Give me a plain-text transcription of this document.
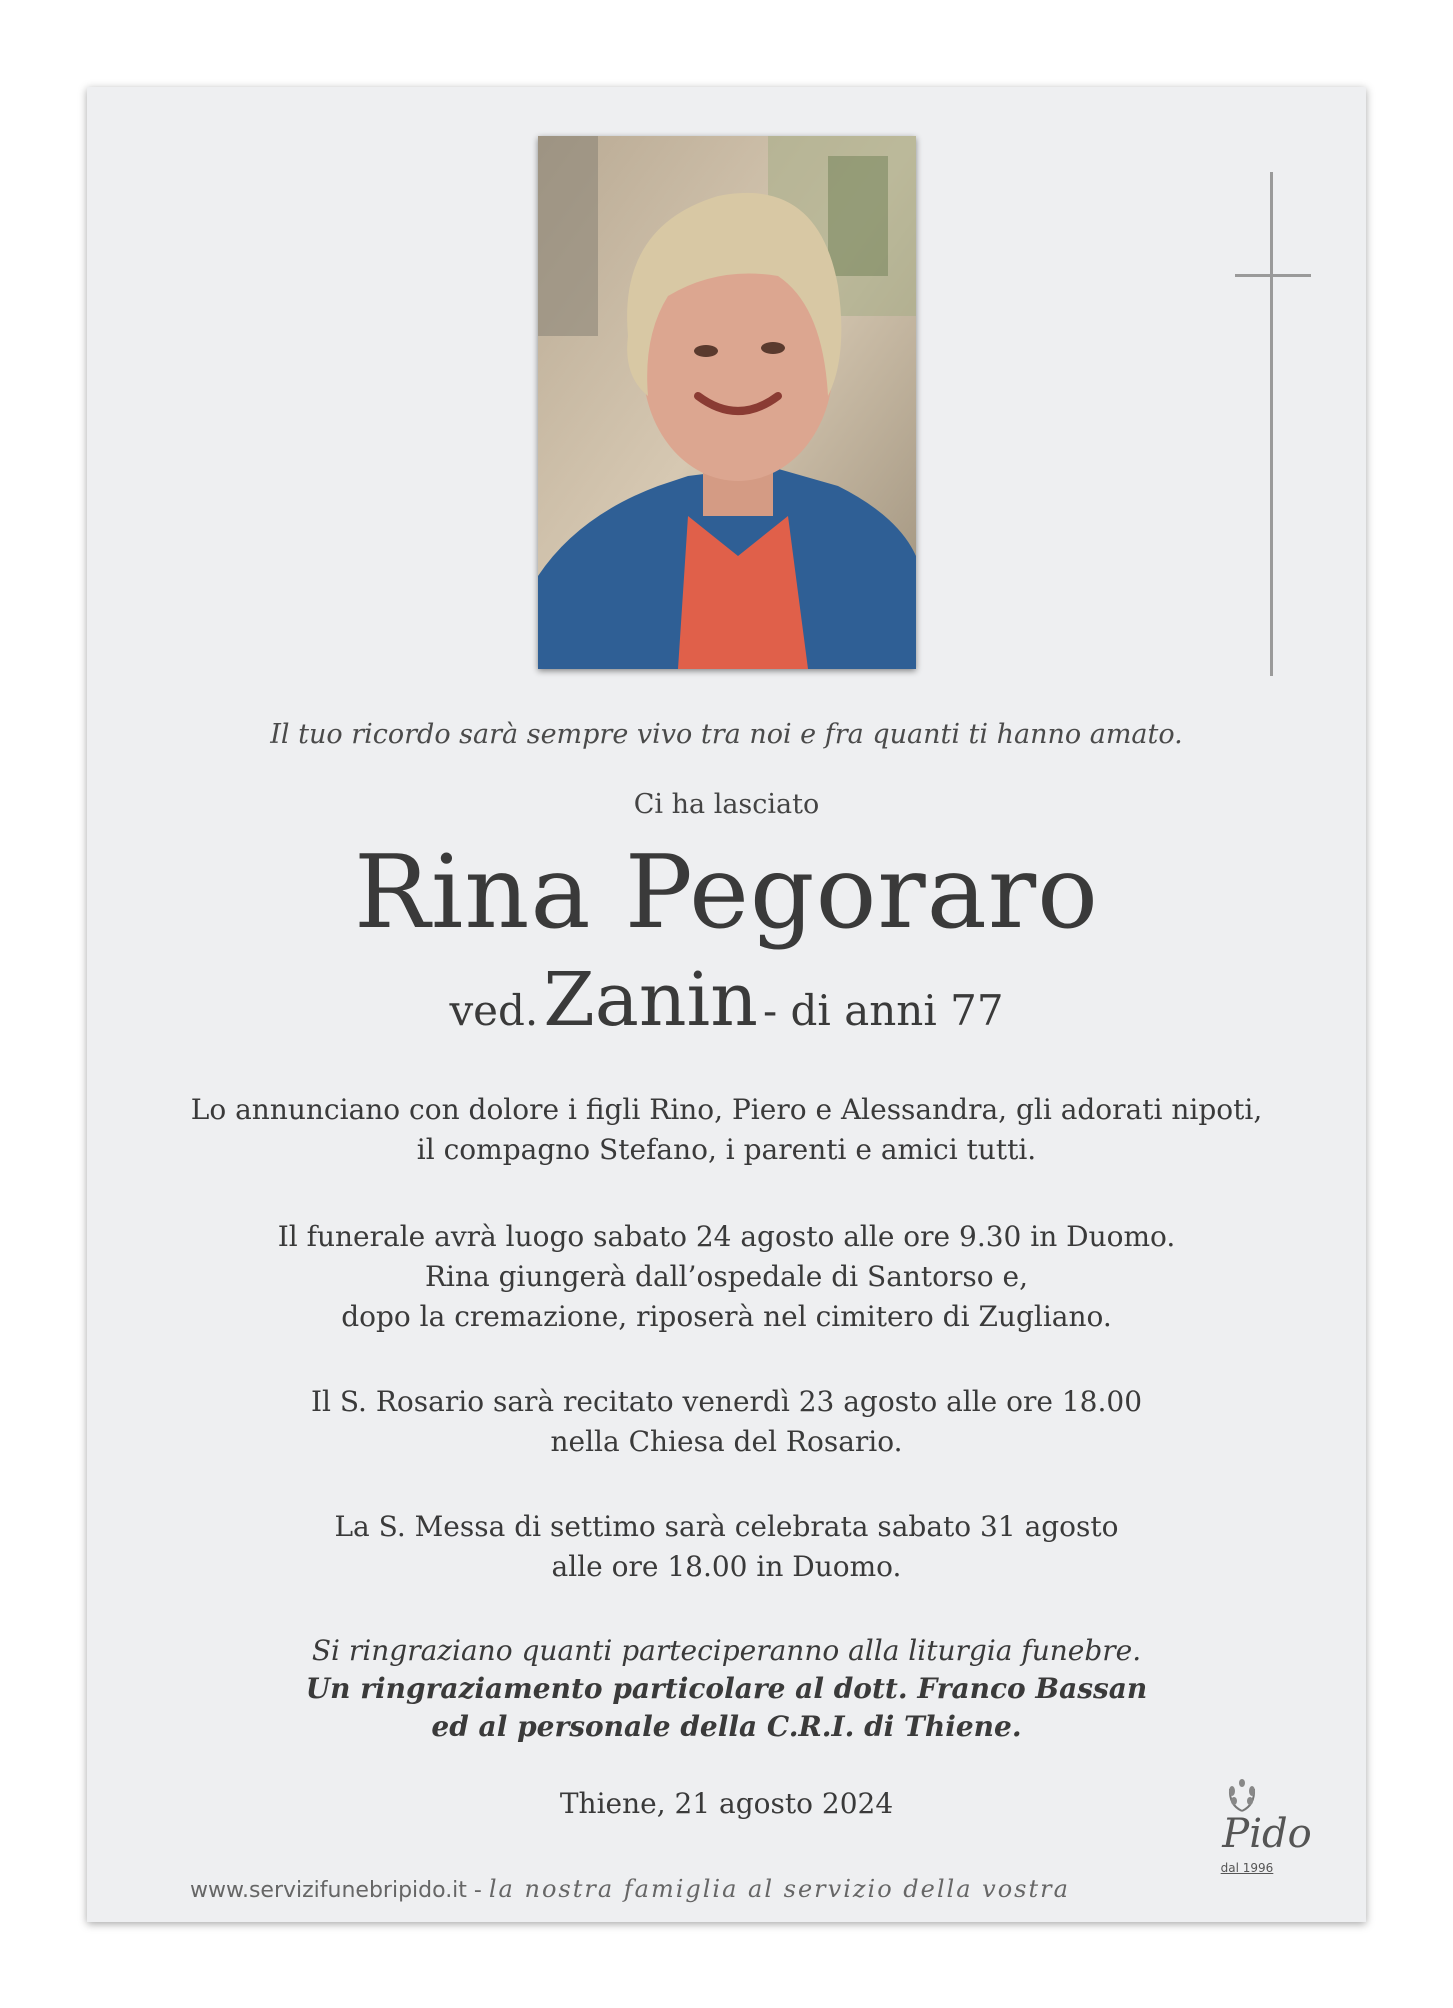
Il tuo ricordo sarà sempre vivo tra noi e fra quanti ti hanno amato.
Ci ha lasciato
Rina Pegoraro
ved. Zanin - di anni 77
Lo annunciano con dolore i figli Rino, Piero e Alessandra, gli adorati nipoti,
il compagno Stefano, i parenti e amici tutti.
Il funerale avrà luogo sabato 24 agosto alle ore 9.30 in Duomo.
Rina giungerà dall’ospedale di Santorso e,
dopo la cremazione, riposerà nel cimitero di Zugliano.
Il S. Rosario sarà recitato venerdì 23 agosto alle ore 18.00
nella Chiesa del Rosario.
La S. Messa di settimo sarà celebrata sabato 31 agosto
alle ore 18.00 in Duomo.
Si ringraziano quanti parteciperanno alla liturgia funebre.
Un ringraziamento particolare al dott. Franco Bassan
ed al personale della C.R.I. di Thiene.
Thiene, 21 agosto 2024
www.servizifunebripido.it - la nostra famiglia al servizio della vostra
Pido
dal 1996
